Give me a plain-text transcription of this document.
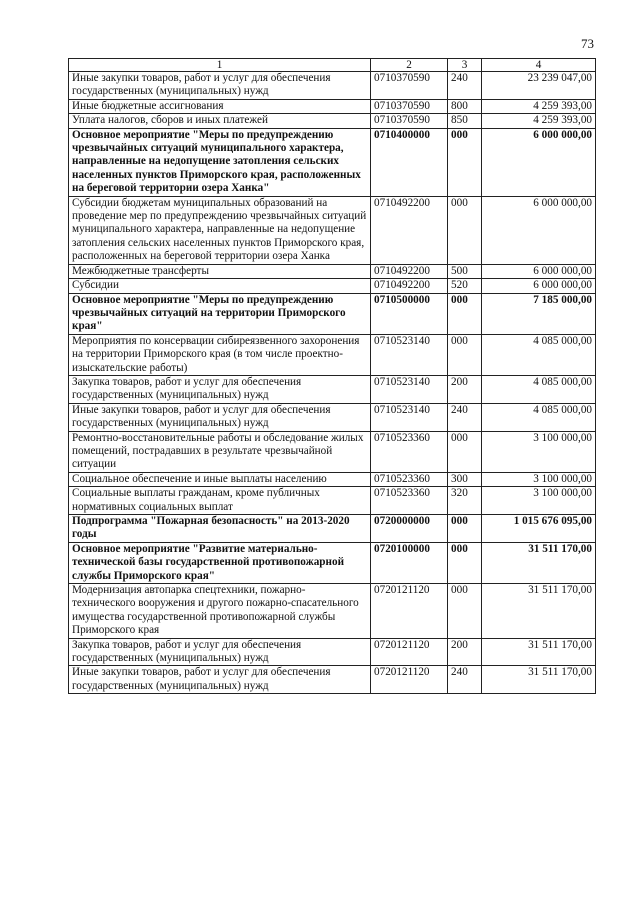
73
1	2	3	4
Иные закупки товаров, работ и услуг для обеспечения государственных (муниципальных) нужд	0710370590	240	23 239 047,00
Иные бюджетные ассигнования	0710370590	800	4 259 393,00
Уплата налогов, сборов и иных платежей	0710370590	850	4 259 393,00
Основное мероприятие "Меры по предупреждению чрезвычайных ситуаций муниципального характера, направленные на недопущение затопления сельских населенных пунктов Приморского края, расположенных на береговой территории озера Ханка"	0710400000	000	6 000 000,00
Субсидии бюджетам муниципальных образований на проведение мер по предупреждению чрезвычайных ситуаций муниципального характера, направленные на недопущение затопления сельских населенных пунктов Приморского края, расположенных на береговой территории озера Ханка	0710492200	000	6 000 000,00
Межбюджетные трансферты	0710492200	500	6 000 000,00
Субсидии	0710492200	520	6 000 000,00
Основное мероприятие "Меры по предупреждению чрезвычайных ситуаций на территории Приморского края"	0710500000	000	7 185 000,00
Мероприятия по консервации сибиреязвенного захоронения на территории Приморского края (в том числе проектно-изыскательские работы)	0710523140	000	4 085 000,00
Закупка товаров, работ и услуг для обеспечения государственных (муниципальных) нужд	0710523140	200	4 085 000,00
Иные закупки товаров, работ и услуг для обеспечения государственных (муниципальных) нужд	0710523140	240	4 085 000,00
Ремонтно-восстановительные работы и обследование жилых помещений, пострадавших в результате чрезвычайной ситуации	0710523360	000	3 100 000,00
Социальное обеспечение и иные выплаты населению	0710523360	300	3 100 000,00
Социальные выплаты гражданам, кроме публичных нормативных социальных выплат	0710523360	320	3 100 000,00
Подпрограмма "Пожарная безопасность" на 2013-2020 годы	0720000000	000	1 015 676 095,00
Основное мероприятие "Развитие материально-технической базы государственной противопожарной службы Приморского края"	0720100000	000	31 511 170,00
Модернизация автопарка спецтехники, пожарно-технического вооружения и другого пожарно-спасательного имущества государственной противопожарной службы Приморского края	0720121120	000	31 511 170,00
Закупка товаров, работ и услуг для обеспечения государственных (муниципальных) нужд	0720121120	200	31 511 170,00
Иные закупки товаров, работ и услуг для обеспечения государственных (муниципальных) нужд	0720121120	240	31 511 170,00
